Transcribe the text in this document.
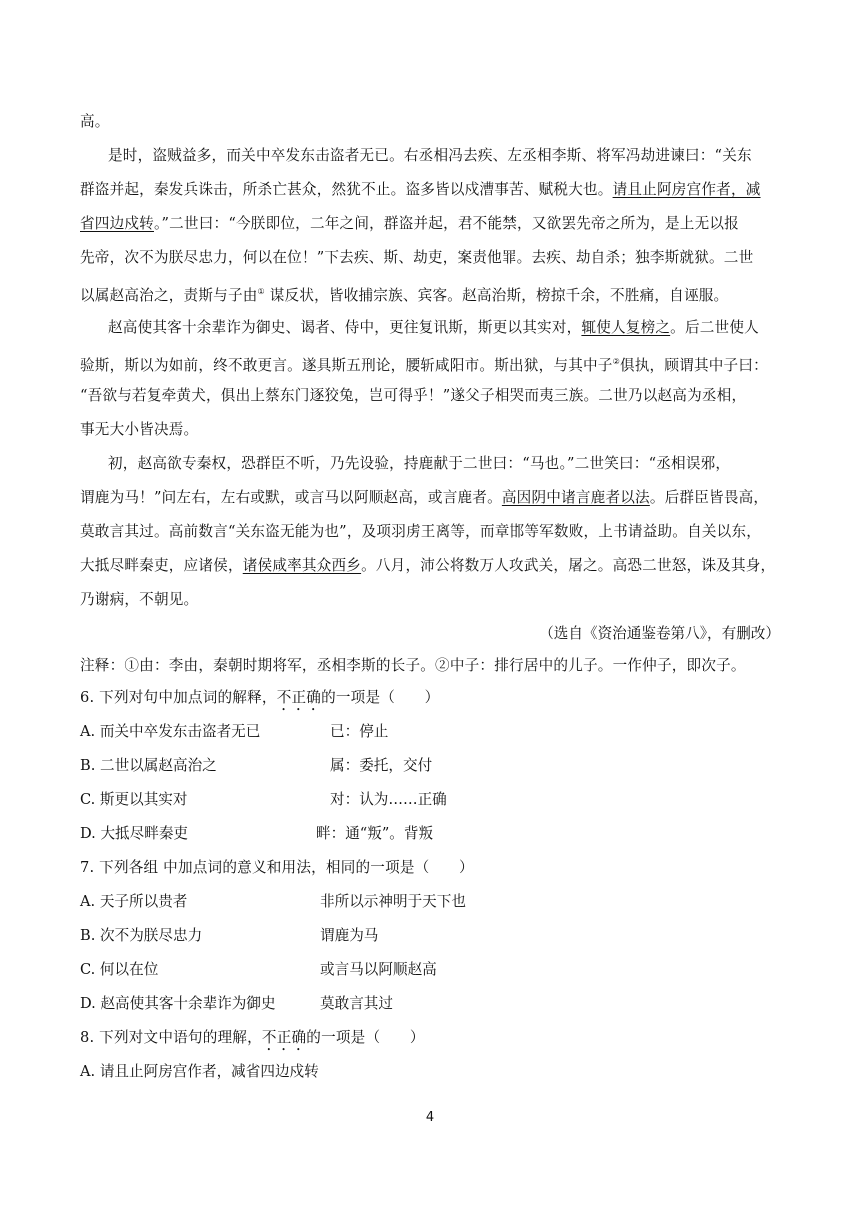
高。
是时，盗贼益多，而关中卒发东击盗者无已。右丞相冯去疾、左丞相李斯、将军冯劫进谏曰：“关东
群盗并起，秦发兵诛击，所杀亡甚众，然犹不止。盗多皆以戍漕事苦、赋税大也。请且止阿房宫作者，减
省四边戍转。”二世曰：“今朕即位，二年之间，群盗并起，君不能禁，又欲罢先帝之所为，是上无以报
先帝，次不为朕尽忠力，何以在位！”下去疾、斯、劫吏，案责他罪。去疾、劫自杀；独李斯就狱。二世
以属赵高治之，责斯与子由① 谋反状，皆收捕宗族、宾客。赵高治斯，榜掠千余，不胜痛，自诬服。
赵高使其客十余辈诈为御史、谒者、侍中，更往复讯斯，斯更以其实对，辄使人复榜之。后二世使人
验斯，斯以为如前，终不敢更言。遂具斯五刑论，腰斩咸阳市。斯出狱，与其中子②俱执，顾谓其中子曰：
“吾欲与若复牵黄犬，俱出上蔡东门逐狡兔，岂可得乎！”遂父子相哭而夷三族。二世乃以赵高为丞相，
事无大小皆决焉。
初，赵高欲专秦权，恐群臣不听，乃先设验，持鹿献于二世曰：“马也。”二世笑曰：“丞相误邪，
谓鹿为马！”问左右，左右或默，或言马以阿顺赵高，或言鹿者。高因阴中诸言鹿者以法。后群臣皆畏高，
莫敢言其过。高前数言“关东盗无能为也”，及项羽虏王离等，而章邯等军数败，上书请益助。自关以东，
大抵尽畔秦吏，应诸侯，诸侯咸率其众西乡。八月，沛公将数万人攻武关，屠之。高恐二世怒，诛及其身，
乃谢病，不朝见。
（选自《资治通鉴卷第八》，有删改）
注释：①由：李由，秦朝时期将军，丞相李斯的长子。②中子：排行居中的儿子。一作仲子，即次子。
6. 下列对句中加点词的解释，不正确的一项是（　　）
A. 而关中卒发东击盗者无已	已：停止
B. 二世以属赵高治之	属：委托，交付
C. 斯更以其实对	对：认为……正确
D. 大抵尽畔秦吏	畔：通“叛”。背叛
7. 下列各组 中加点词的意义和用法，相同的一项是（　　）
A. 天子所以贵者	非所以示神明于天下也
B. 次不为朕尽忠力	谓鹿为马
C. 何以在位	或言马以阿顺赵高
D. 赵高使其客十余辈诈为御史	莫敢言其过
8. 下列对文中语句的理解，不正确的一项是（　　）
A. 请且止阿房宫作者，减省四边戍转
4
